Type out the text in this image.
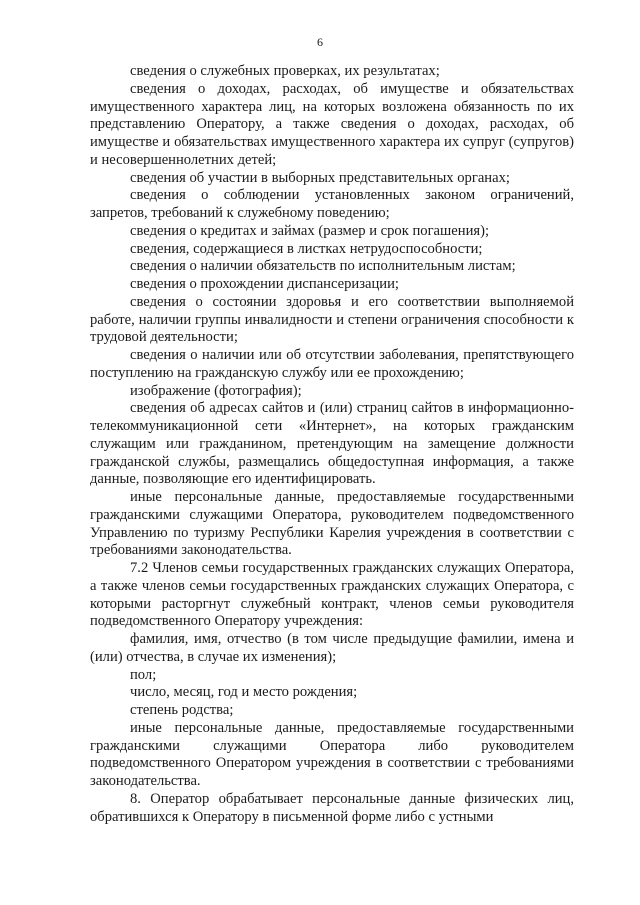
6

сведения о служебных проверках, их результатах;

сведения о доходах, расходах, об имуществе и обязательствах имущественного характера лиц, на которых возложена обязанность по их представлению Оператору, а также сведения о доходах, расходах, об имуществе и обязательствах имущественного характера их супруг (супругов) и несовершеннолетних детей;

сведения об участии в выборных представительных органах;

сведения о соблюдении установленных законом ограничений, запретов, требований к служебному поведению;

сведения о кредитах и займах (размер и срок погашения);

сведения, содержащиеся в листках нетрудоспособности;

сведения о наличии обязательств по исполнительным листам;

сведения о прохождении диспансеризации;

сведения о состоянии здоровья и его соответствии выполняемой работе, наличии группы инвалидности и степени ограничения способности к трудовой деятельности;

сведения о наличии или об отсутствии заболевания, препятствующего поступлению на гражданскую службу или ее прохождению;

изображение (фотография);

сведения об адресах сайтов и (или) страниц сайтов в информационно-телекоммуникационной сети «Интернет», на которых гражданским служащим или гражданином, претендующим на замещение должности гражданской службы, размещались общедоступная информация, а также данные, позволяющие его идентифицировать.

иные персональные данные, предоставляемые государственными гражданскими служащими Оператора, руководителем подведомственного Управлению по туризму Республики Карелия учреждения в соответствии с требованиями законодательства.

7.2 Членов семьи государственных гражданских служащих Оператора, а также членов семьи государственных гражданских служащих Оператора, с которыми расторгнут служебный контракт, членов семьи руководителя подведомственного Оператору учреждения:

фамилия, имя, отчество (в том числе предыдущие фамилии, имена и (или) отчества, в случае их изменения);

пол;

число, месяц, год и место рождения;

степень родства;

иные персональные данные, предоставляемые государственными гражданскими служащими Оператора либо руководителем подведомственного Оператором учреждения в соответствии с требованиями законодательства.

8. Оператор обрабатывает персональные данные физических лиц, обратившихся к Оператору в письменной форме либо с устными
